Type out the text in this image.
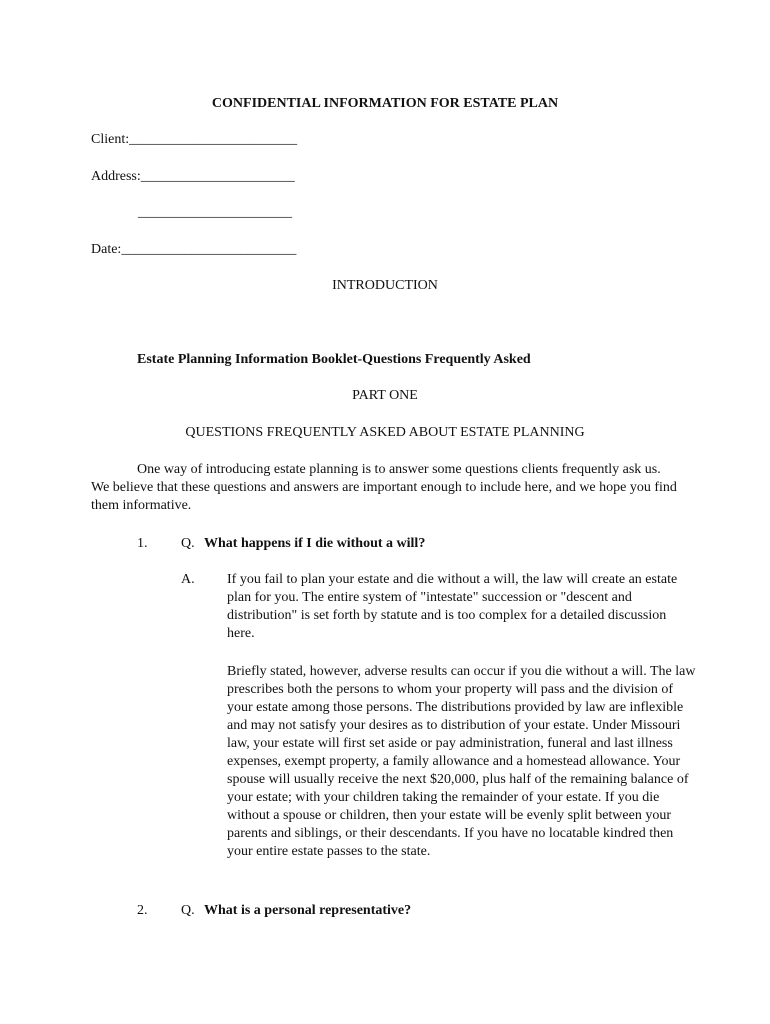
CONFIDENTIAL INFORMATION FOR ESTATE PLAN
Client:________________________
Address:______________________
______________________
Date:_________________________
INTRODUCTION
Estate Planning Information Booklet-Questions Frequently Asked
PART ONE
QUESTIONS FREQUENTLY ASKED ABOUT ESTATE PLANNING
One way of introducing estate planning is to answer some questions clients frequently ask us. We believe that these questions and answers are important enough to include here, and we hope you find them informative.
1. Q. What happens if I die without a will?
A. If you fail to plan your estate and die without a will, the law will create an estate plan for you. The entire system of "intestate" succession or "descent and distribution" is set forth by statute and is too complex for a detailed discussion here.
Briefly stated, however, adverse results can occur if you die without a will. The law prescribes both the persons to whom your property will pass and the division of your estate among those persons. The distributions provided by law are inflexible and may not satisfy your desires as to distribution of your estate. Under Missouri law, your estate will first set aside or pay administration, funeral and last illness expenses, exempt property, a family allowance and a homestead allowance. Your spouse will usually receive the next $20,000, plus half of the remaining balance of your estate; with your children taking the remainder of your estate. If you die without a spouse or children, then your estate will be evenly split between your parents and siblings, or their descendants. If you have no locatable kindred then your entire estate passes to the state.
2. Q. What is a personal representative?
